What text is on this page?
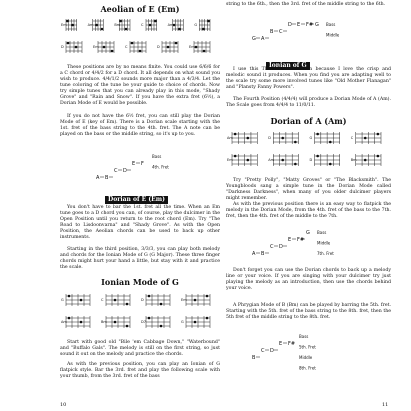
Aeolian of E (Em)
Em	Am	Bm	C	Am	G
D	Em	C	D	Em

These positions are by no means finite. You could use 6/6/6 for a C chord or 4/4/2 for a D chord. It all depends on what sound you wish to produce. 4/4/1/2 sounds more major than a 4/3/4. Let the tune coloring of the tune be your guide to choice of chords. Now try simple tunes that you can already play in this mode, "Shady Grove" and "Rain and Snow". If you have the extra fret (6½), a Dorian Mode of E would be possible.

If you do not have the 6½ fret, you can still play the Dorian Mode of E (key of Em). There is a Dorian scale starting with the 1st. fret of the bass string to the 4th. fret. The A note can be played on the bass or the middle string, so it's up to you.

A B
C D
E F
Bass
4th. Fret
Dorian of E (Em)

You don't have to bar the 1st. fret all the time. When an Em tune goes to a D chord you can, of course, play the dulcimer in the Open Position until you return to the root chord (Em). Try "The Road to Lisdoonvarna" and "Shady Grove". As with the Open Position, the Aeolian chords can be used to back up other instruments.

Starting in the third position, 3/3/3, you can play both melody and chords for the Ionian Mode of G (G Major). These three finger chords might hurt your hand a little, but stay with it and practice the scale.

Ionian Mode of G
G	C	D	Em
Am	Bm	D7	G

Start with good old "Bile 'em Cabbage Down," "Waterbound" and "Buffalo Gals". The melody is still on the first string, so just sound it out on the melody and practice the chords.

As with the previous position, you can play an Ionian of G flatpick style. Bar the 3rd. fret and play the following scale with your thumb, from the 3rd. fret of the bass

10

string to the 6th., then the 3rd. fret of the middle string to the 6th.

G A
B C
D E F# G Bass
Middle
Ionian of G

I use this Third Position often because I love the crisp and melodic sound it produces. When you find you are adapting well to the scale try some more involved tunes like "Old Mother Flanagan" and "Plansty Fanny Powers".

The Fourth Position (4/4/4) will produce a Dorian Mode of A (Am). The Scale goes from 4/4/4 to 11/0/11.

Dorian of A (Am)
Am	D	G	C
Em	Am	D	Bm

Try "Pretty Polly", "Matty Groves" or "The Blacksmith". The Youngbloods sang a simple tune in the Dorian Mode called "Darkness Darkness", when many of you older dulcimer players might remember.

As with the previous position there is an easy way to flatpick the melody in the Dorian Mode, from the 4th. fret of the bass to the 7th. fret, then the 4th. fret of the middle to the 7th.

A B
C D
E F#
G Bass
Middle
7th. Fret

Don't forget you can use the Dorian chords to back up a melody line or your voice. If you are singing with your dulcimer try just playing the melody as an introduction, then use the chords behind your voice.

A Phrygian Mode of B (Bm) can be played by barring the 5th. fret. Starting with the 5th. fret of the bass string to the 8th. fret, then the 5th fret of the middle string to the 8th. fret.

B
C D
E F#
Bass
5th. Fret
Middle
8th. Fret
11
